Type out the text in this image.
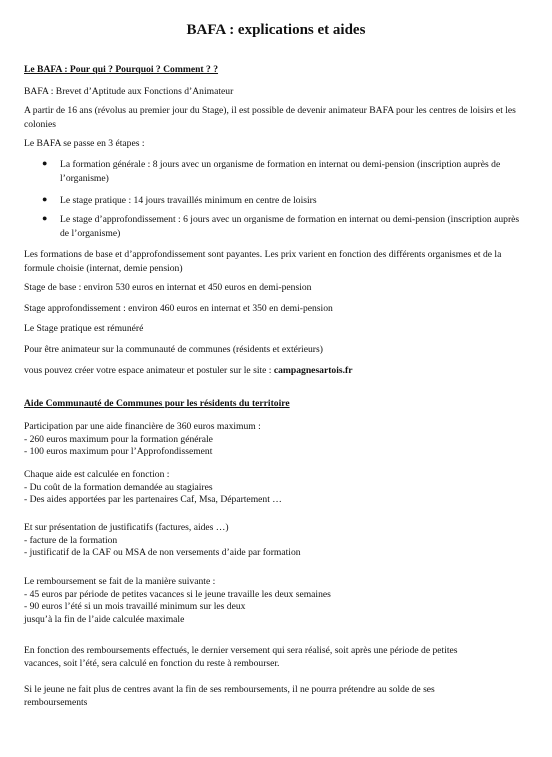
BAFA : explications et aides
Le BAFA : Pour qui ? Pourquoi ? Comment ? ?
BAFA : Brevet d’Aptitude aux Fonctions d’Animateur
A partir de 16 ans (révolus au premier jour du Stage), il est possible de devenir animateur BAFA pour les centres de loisirs et les colonies
Le BAFA se passe en 3 étapes :
● La formation générale : 8 jours avec un organisme de formation en internat ou demi-pension (inscription auprès de l’organisme)
● Le stage pratique : 14 jours travaillés minimum en centre de loisirs
● Le stage d’approfondissement : 6 jours avec un organisme de formation en internat ou demi-pension (inscription auprès de l’organisme)
Les formations de base et d’approfondissement sont payantes. Les prix varient en fonction des différents organismes et de la formule choisie (internat, demie pension)
Stage de base : environ 530 euros en internat et 450 euros en demi-pension
Stage approfondissement : environ 460 euros en internat et 350 en demi-pension
Le Stage pratique est rémunéré
Pour être animateur sur la communauté de communes (résidents et extérieurs)
vous pouvez créer votre espace animateur et postuler sur le site : campagnesartois.fr
Aide Communauté de Communes pour les résidents du territoire
Participation par une aide financière de 360 euros maximum :
- 260 euros maximum pour la formation générale
- 100 euros maximum pour l’Approfondissement
Chaque aide est calculée en fonction :
- Du coût de la formation demandée au stagiaires
- Des aides apportées par les partenaires Caf, Msa, Département …
Et sur présentation de justificatifs (factures, aides …)
- facture de la formation
- justificatif de la CAF ou MSA de non versements d’aide par formation
Le remboursement se fait de la manière suivante :
- 45 euros par période de petites vacances si le jeune travaille les deux semaines
- 90 euros l’été si un mois travaillé minimum sur les deux
jusqu’à la fin de l’aide calculée maximale
En fonction des remboursements effectués, le dernier versement qui sera réalisé, soit après une période de petites
vacances, soit l’été, sera calculé en fonction du reste à rembourser.
Si le jeune ne fait plus de centres avant la fin de ses remboursements, il ne pourra prétendre au solde de ses
remboursements
